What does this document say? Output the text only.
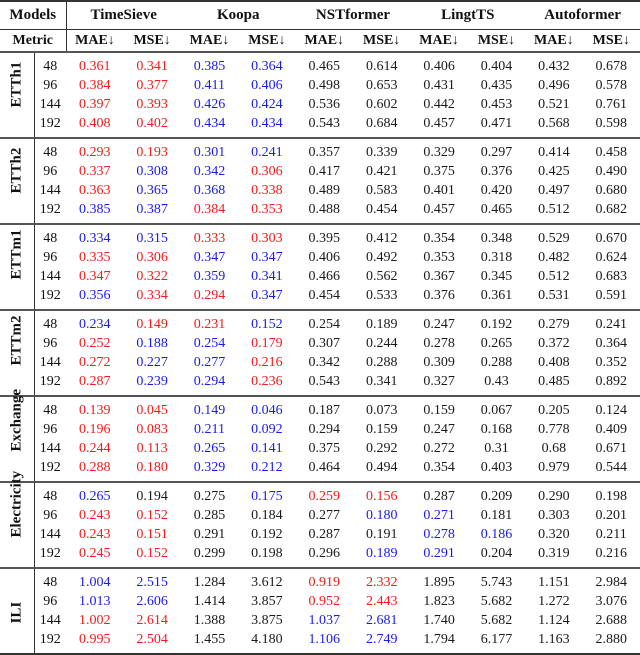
Models		TimeSieve		Koopa		NSTformer		LingtTS		Autoformer	
Metric		MAE↓	MSE↓	MAE↓	MSE↓	MAE↓	MSE↓	MAE↓	MSE↓	MAE↓	MSE↓

ETTh1	48	0.361	0.341	0.385	0.364	0.465	0.614	0.406	0.404	0.432	0.678
	96	0.384	0.377	0.411	0.406	0.498	0.653	0.431	0.435	0.496	0.578
	144	0.397	0.393	0.426	0.424	0.536	0.602	0.442	0.453	0.521	0.761
	192	0.408	0.402	0.434	0.434	0.543	0.684	0.457	0.471	0.568	0.598

ETTh2	48	0.293	0.193	0.301	0.241	0.357	0.339	0.329	0.297	0.414	0.458
	96	0.337	0.308	0.342	0.306	0.417	0.421	0.375	0.376	0.425	0.490
	144	0.363	0.365	0.368	0.338	0.489	0.583	0.401	0.420	0.497	0.680
	192	0.385	0.387	0.384	0.353	0.488	0.454	0.457	0.465	0.512	0.682

ETTm1	48	0.334	0.315	0.333	0.303	0.395	0.412	0.354	0.348	0.529	0.670
	96	0.335	0.306	0.347	0.347	0.406	0.492	0.353	0.318	0.482	0.624
	144	0.347	0.322	0.359	0.341	0.466	0.562	0.367	0.345	0.512	0.683
	192	0.356	0.334	0.294	0.347	0.454	0.533	0.376	0.361	0.531	0.591

ETTm2	48	0.234	0.149	0.231	0.152	0.254	0.189	0.247	0.192	0.279	0.241
	96	0.252	0.188	0.254	0.179	0.307	0.244	0.278	0.265	0.372	0.364
	144	0.272	0.227	0.277	0.216	0.342	0.288	0.309	0.288	0.408	0.352
	192	0.287	0.239	0.294	0.236	0.543	0.341	0.327	0.43	0.485	0.892

Exchange	48	0.139	0.045	0.149	0.046	0.187	0.073	0.159	0.067	0.205	0.124
	96	0.196	0.083	0.211	0.092	0.294	0.159	0.247	0.168	0.778	0.409
	144	0.244	0.113	0.265	0.141	0.375	0.292	0.272	0.31	0.68	0.671
	192	0.288	0.180	0.329	0.212	0.464	0.494	0.354	0.403	0.979	0.544

Electricity	48	0.265	0.194	0.275	0.175	0.259	0.156	0.287	0.209	0.290	0.198
	96	0.243	0.152	0.285	0.184	0.277	0.180	0.271	0.181	0.303	0.201
	144	0.243	0.151	0.291	0.192	0.287	0.191	0.278	0.186	0.320	0.211
	192	0.245	0.152	0.299	0.198	0.296	0.189	0.291	0.204	0.319	0.216

ILI	48	1.004	2.515	1.284	3.612	0.919	2.332	1.895	5.743	1.151	2.984
	96	1.013	2.606	1.414	3.857	0.952	2.443	1.823	5.682	1.272	3.076
	144	1.002	2.614	1.388	3.875	1.037	2.681	1.740	5.682	1.124	2.688
	192	0.995	2.504	1.455	4.180	1.106	2.749	1.794	6.177	1.163	2.880
